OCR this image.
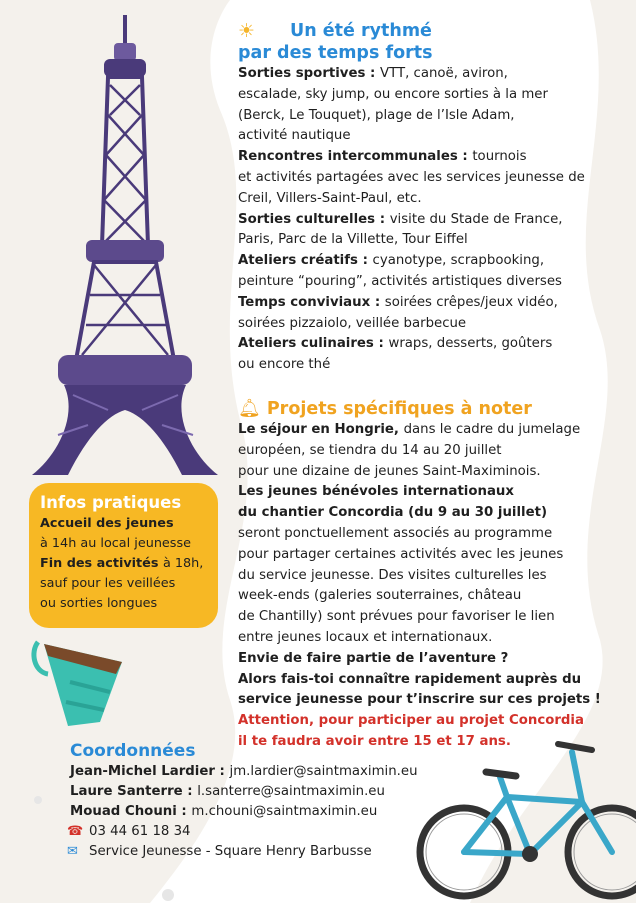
☀	Un été rythmé
par des temps forts
Sorties sportives : VTT, canoë, aviron,
escalade, sky jump, ou encore sorties à la mer
(Berck, Le Touquet), plage de l’Isle Adam,
activité nautique
Rencontres intercommunales : tournois
et activités partagées avec les services jeunesse de
Creil, Villers-Saint-Paul, etc.
Sorties culturelles : visite du Stade de France,
Paris, Parc de la Villette, Tour Eiffel
Ateliers créatifs : cyanotype, scrapbooking,
peinture “pouring”, activités artistiques diverses
Temps conviviaux : soirées crêpes/jeux vidéo,
soirées pizzaiolo, veillée barbecue
Ateliers culinaires : wraps, desserts, goûters
ou encore thé
🔔︎ Projets spécifiques à noter
Le séjour en Hongrie, dans le cadre du jumelage
européen, se tiendra du 14 au 20 juillet
pour une dizaine de jeunes Saint-Maximinois.
Les jeunes bénévoles internationaux
du chantier Concordia (du 9 au 30 juillet)
seront ponctuellement associés au programme
pour partager certaines activités avec les jeunes
du service jeunesse. Des visites culturelles les
week-ends (galeries souterraines, château
de Chantilly) sont prévues pour favoriser le lien
entre jeunes locaux et internationaux.
Envie de faire partie de l’aventure ?
Alors fais-toi connaître rapidement auprès du
service jeunesse pour t’inscrire sur ces projets !
Attention, pour participer au projet Concordia
il te faudra avoir entre 15 et 17 ans.
Infos pratiques
Accueil des jeunes
à 14h au local jeunesse
Fin des activités à 18h,
sauf pour les veillées
ou sorties longues
Coordonnées
Jean-Michel Lardier : jm.lardier@saintmaximin.eu
Laure Santerre : l.santerre@saintmaximin.eu
Mouad Chouni : m.chouni@saintmaximin.eu
☎ 03 44 61 18 34
✉ Service Jeunesse - Square Henry Barbusse
